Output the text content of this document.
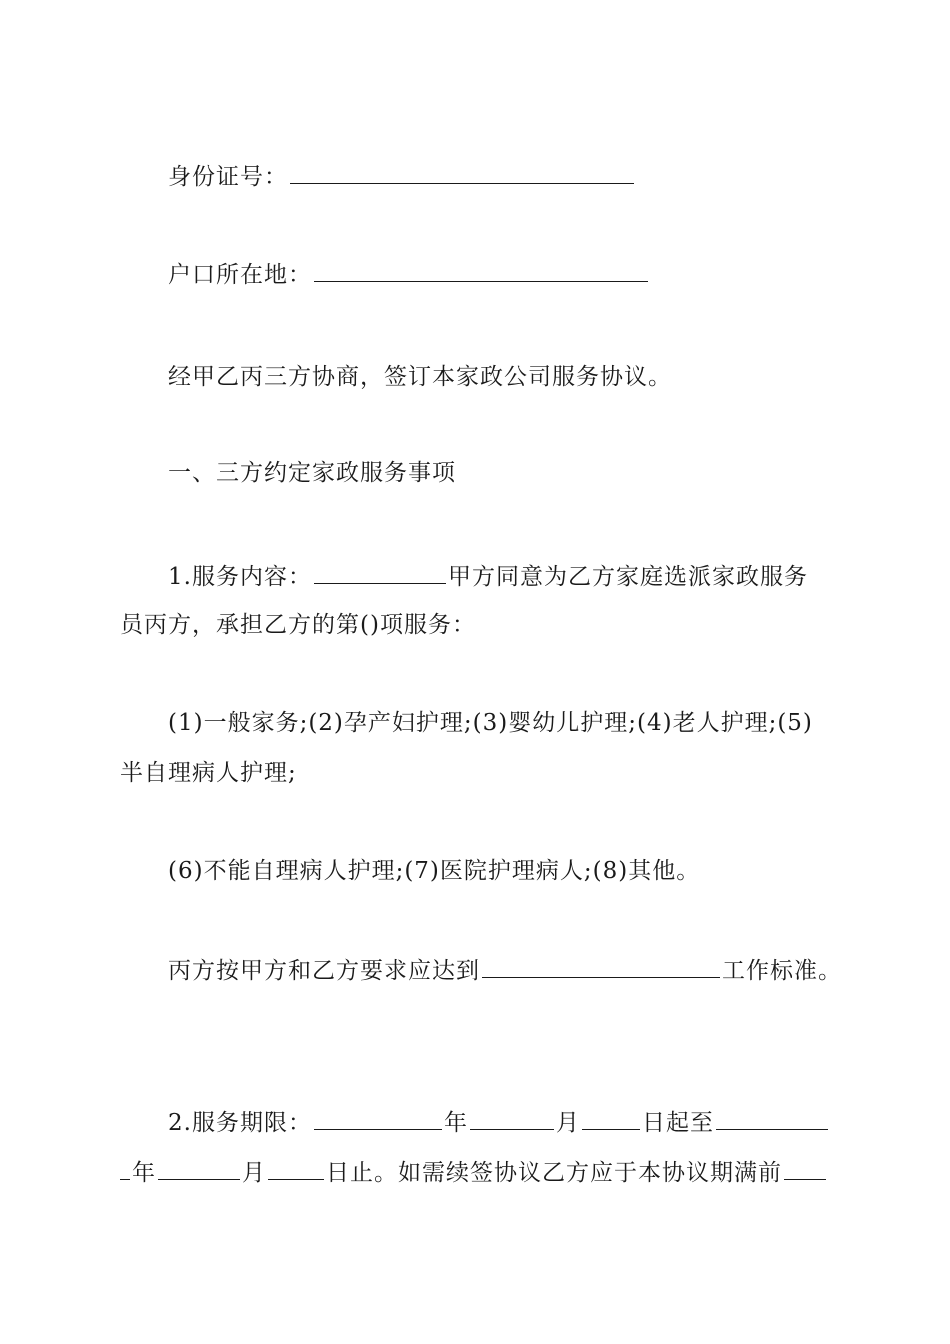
身份证号：
户口所在地：
经甲乙丙三方协商，签订本家政公司服务协议。
一、三方约定家政服务事项
1.服务内容：	甲方同意为乙方家庭选派家政服务
员丙方，承担乙方的第()项服务：
(1)一般家务;(2)孕产妇护理;(3)婴幼儿护理;(4)老人护理;(5)
半自理病人护理;
(6)不能自理病人护理;(7)医院护理病人;(8)其他。
丙方按甲方和乙方要求应达到	工作标准。
2.服务期限：	年	月	日起至
年	月	日止。如需续签协议乙方应于本协议期满前
